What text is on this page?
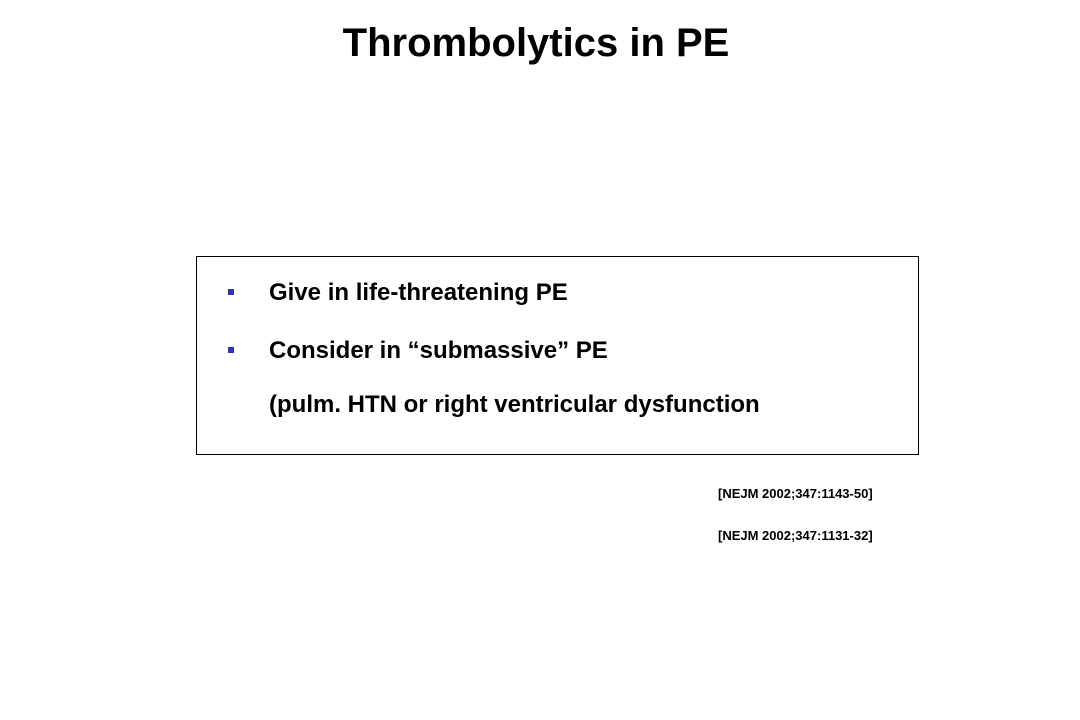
Thrombolytics in PE
Give in life-threatening PE
Consider in “submassive” PE
(pulm. HTN or right ventricular dysfunction
[NEJM 2002;347:1143-50]
[NEJM 2002;347:1131-32]
